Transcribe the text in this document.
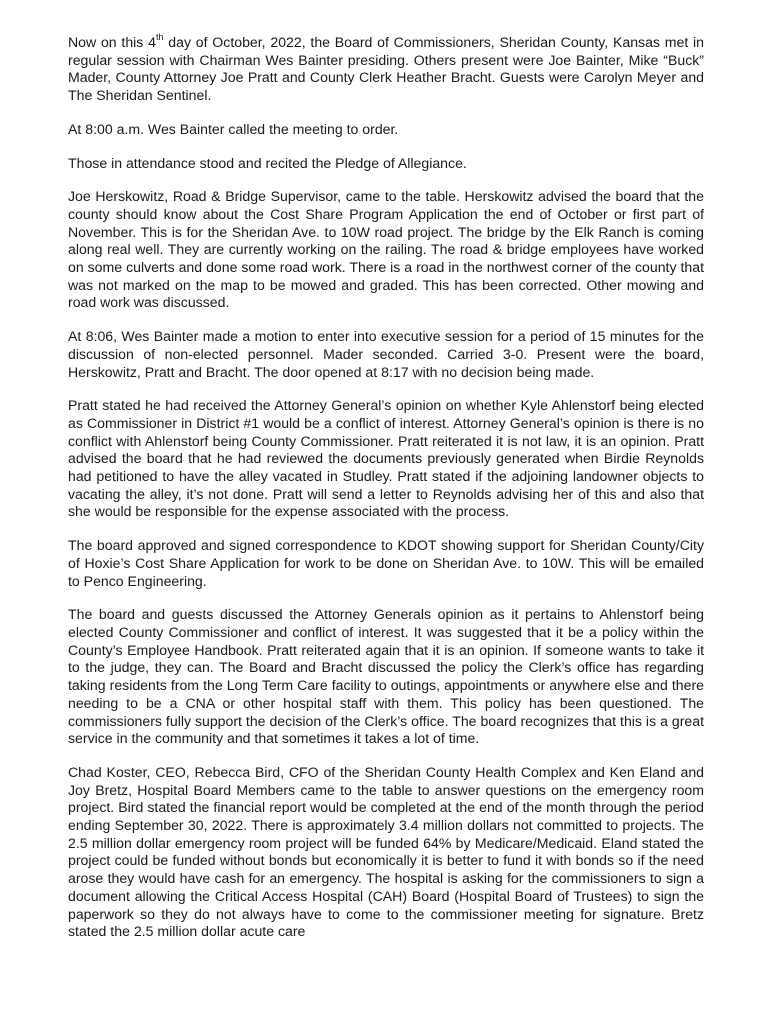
Now on this 4th day of October, 2022, the Board of Commissioners, Sheridan County, Kansas met in regular session with Chairman Wes Bainter presiding. Others present were Joe Bainter, Mike “Buck” Mader, County Attorney Joe Pratt and County Clerk Heather Bracht. Guests were Carolyn Meyer and The Sheridan Sentinel.

At 8:00 a.m. Wes Bainter called the meeting to order.

Those in attendance stood and recited the Pledge of Allegiance.

Joe Herskowitz, Road & Bridge Supervisor, came to the table. Herskowitz advised the board that the county should know about the Cost Share Program Application the end of October or first part of November. This is for the Sheridan Ave. to 10W road project. The bridge by the Elk Ranch is coming along real well. They are currently working on the railing. The road & bridge employees have worked on some culverts and done some road work. There is a road in the northwest corner of the county that was not marked on the map to be mowed and graded. This has been corrected. Other mowing and road work was discussed.

At 8:06, Wes Bainter made a motion to enter into executive session for a period of 15 minutes for the discussion of non-elected personnel. Mader seconded. Carried 3-0. Present were the board, Herskowitz, Pratt and Bracht. The door opened at 8:17 with no decision being made.

Pratt stated he had received the Attorney General’s opinion on whether Kyle Ahlenstorf being elected as Commissioner in District #1 would be a conflict of interest. Attorney General’s opinion is there is no conflict with Ahlenstorf being County Commissioner. Pratt reiterated it is not law, it is an opinion. Pratt advised the board that he had reviewed the documents previously generated when Birdie Reynolds had petitioned to have the alley vacated in Studley. Pratt stated if the adjoining landowner objects to vacating the alley, it’s not done. Pratt will send a letter to Reynolds advising her of this and also that she would be responsible for the expense associated with the process.

The board approved and signed correspondence to KDOT showing support for Sheridan County/City of Hoxie’s Cost Share Application for work to be done on Sheridan Ave. to 10W. This will be emailed to Penco Engineering.

The board and guests discussed the Attorney Generals opinion as it pertains to Ahlenstorf being elected County Commissioner and conflict of interest. It was suggested that it be a policy within the County’s Employee Handbook. Pratt reiterated again that it is an opinion. If someone wants to take it to the judge, they can. The Board and Bracht discussed the policy the Clerk’s office has regarding taking residents from the Long Term Care facility to outings, appointments or anywhere else and there needing to be a CNA or other hospital staff with them. This policy has been questioned. The commissioners fully support the decision of the Clerk’s office. The board recognizes that this is a great service in the community and that sometimes it takes a lot of time.

Chad Koster, CEO, Rebecca Bird, CFO of the Sheridan County Health Complex and Ken Eland and Joy Bretz, Hospital Board Members came to the table to answer questions on the emergency room project. Bird stated the financial report would be completed at the end of the month through the period ending September 30, 2022. There is approximately 3.4 million dollars not committed to projects. The 2.5 million dollar emergency room project will be funded 64% by Medicare/Medicaid. Eland stated the project could be funded without bonds but economically it is better to fund it with bonds so if the need arose they would have cash for an emergency. The hospital is asking for the commissioners to sign a document allowing the Critical Access Hospital (CAH) Board (Hospital Board of Trustees) to sign the paperwork so they do not always have to come to the commissioner meeting for signature. Bretz stated the 2.5 million dollar acute care
